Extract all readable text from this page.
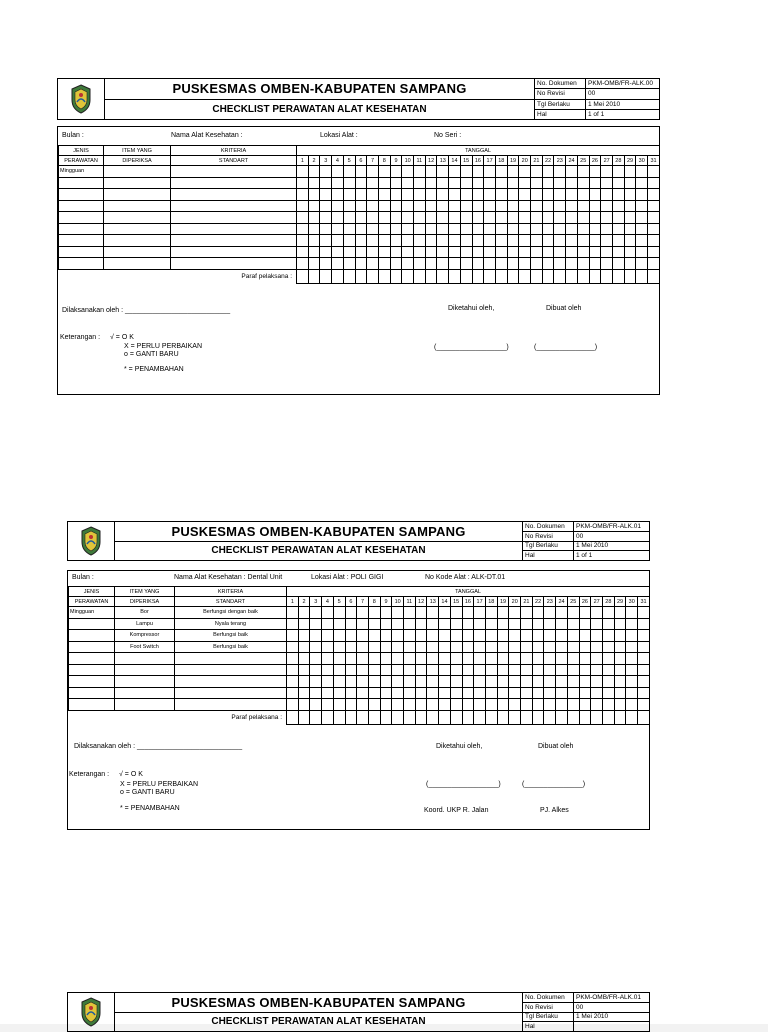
PUSKESMAS OMBEN-KABUPATEN SAMPANG
CHECKLIST PERAWATAN ALAT KESEHATAN
No. Dokumen	PKM-OMB/FR-ALK.00
No Revisi	00
Tgl Berlaku	1 Mei 2010
Hal	1 of 1
Bulan :	Nama Alat Kesehatan :	Lokasi Alat :	No Seri :
JENIS	ITEM YANG	KRITERIA	TANGGAL																														
PERAWATAN	DIPERIKSA	STANDART	1	2	3	4	5	6	7	8	9	10	11	12	13	14	15	16	17	18	19	20	21	22	23	24	25	26	27	28	29	30	31
Mingguan																																	

Paraf pelaksana :																																	
Dilaksanakan oleh : ___________________________	Diketahui oleh,	Dibuat oleh
Keterangan : √ = O K
X = PERLU PERBAIKAN
o = GANTI BARU
* = PENAMBAHAN
(__________________)	(_______________)
PUSKESMAS OMBEN-KABUPATEN SAMPANG
CHECKLIST PERAWATAN ALAT KESEHATAN
No. Dokumen	PKM-OMB/FR-ALK.01
No Revisi	00
Tgl Berlaku	1 Mei 2010
Hal	1 of 1
Bulan :	Nama Alat Kesehatan : Dental Unit	Lokasi Alat : POLI GIGI	No Kode Alat : ALK-DT.01
JENIS	ITEM YANG	KRITERIA	TANGGAL																														
PERAWATAN	DIPERIKSA	STANDART	1	2	3	4	5	6	7	8	9	10	11	12	13	14	15	16	17	18	19	20	21	22	23	24	25	26	27	28	29	30	31
Mingguan	Bor	Berfungsi dengan baik																															
	Lampu	Nyala terang																															
	Kompressor	Berfungsi baik																															
	Foot Switch	Berfungsi baik																															

Paraf pelaksana :																																	
Dilaksanakan oleh : ___________________________	Diketahui oleh,	Dibuat oleh
Keterangan : √ = O K
X = PERLU PERBAIKAN
o = GANTI BARU
* = PENAMBAHAN
(__________________)	(_______________)
Koord. UKP R. Jalan	PJ. Alkes
PUSKESMAS OMBEN-KABUPATEN SAMPANG
CHECKLIST PERAWATAN ALAT KESEHATAN
No. Dokumen	PKM-OMB/FR-ALK.01
No Revisi	00
Tgl Berlaku	1 Mei 2010
Hal
